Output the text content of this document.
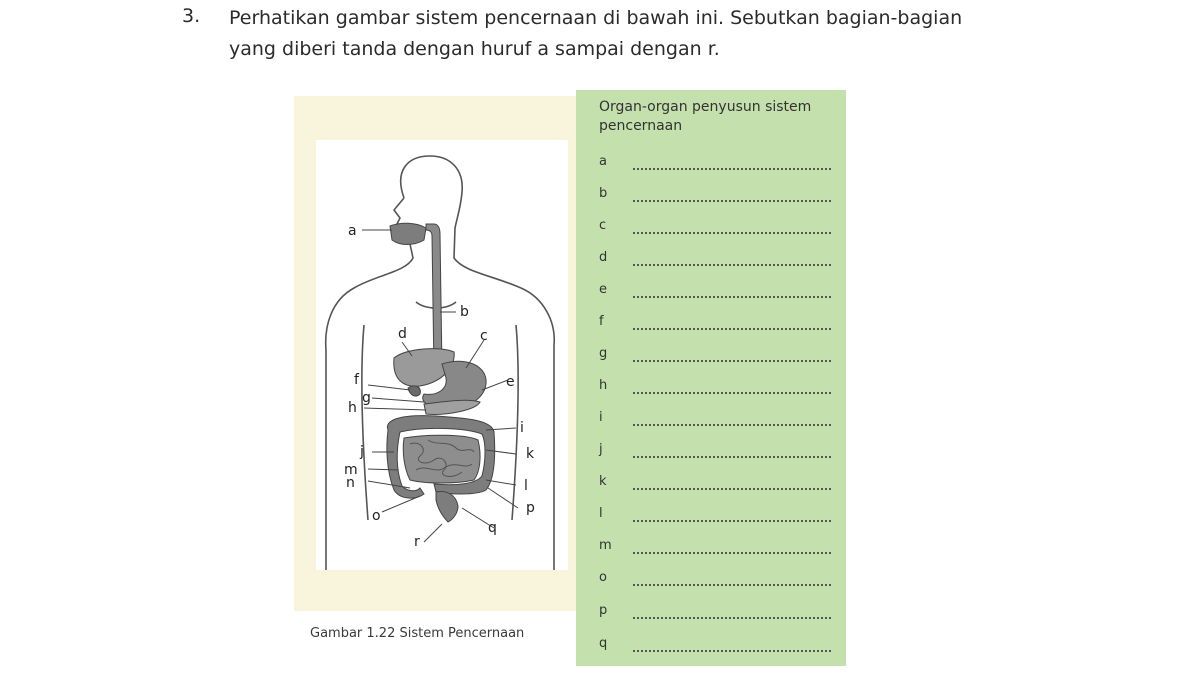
3. Perhatikan gambar sistem pencernaan di bawah ini. Sebutkan bagian-bagian yang diberi tanda dengan huruf a sampai dengan r.
a
b
c
d
e
f
g
h
i
j	k
l
m
n
o	p
q
r
Gambar 1.22 Sistem Pencernaan
Organ-organ penyusun sistem pencernaan
a
b
c
d
e
f
g
h
i
j
k
l
m
o
p
q
